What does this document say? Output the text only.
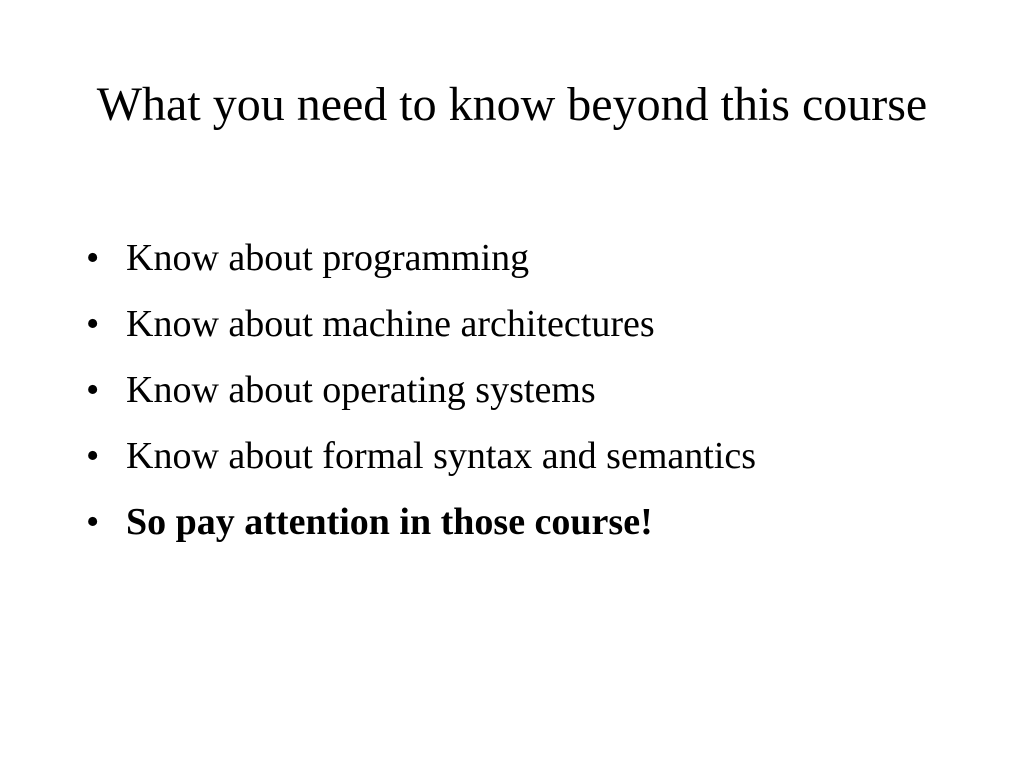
What you need to know beyond this course
• Know about programming
• Know about machine architectures
• Know about operating systems
• Know about formal syntax and semantics
• So pay attention in those course!
